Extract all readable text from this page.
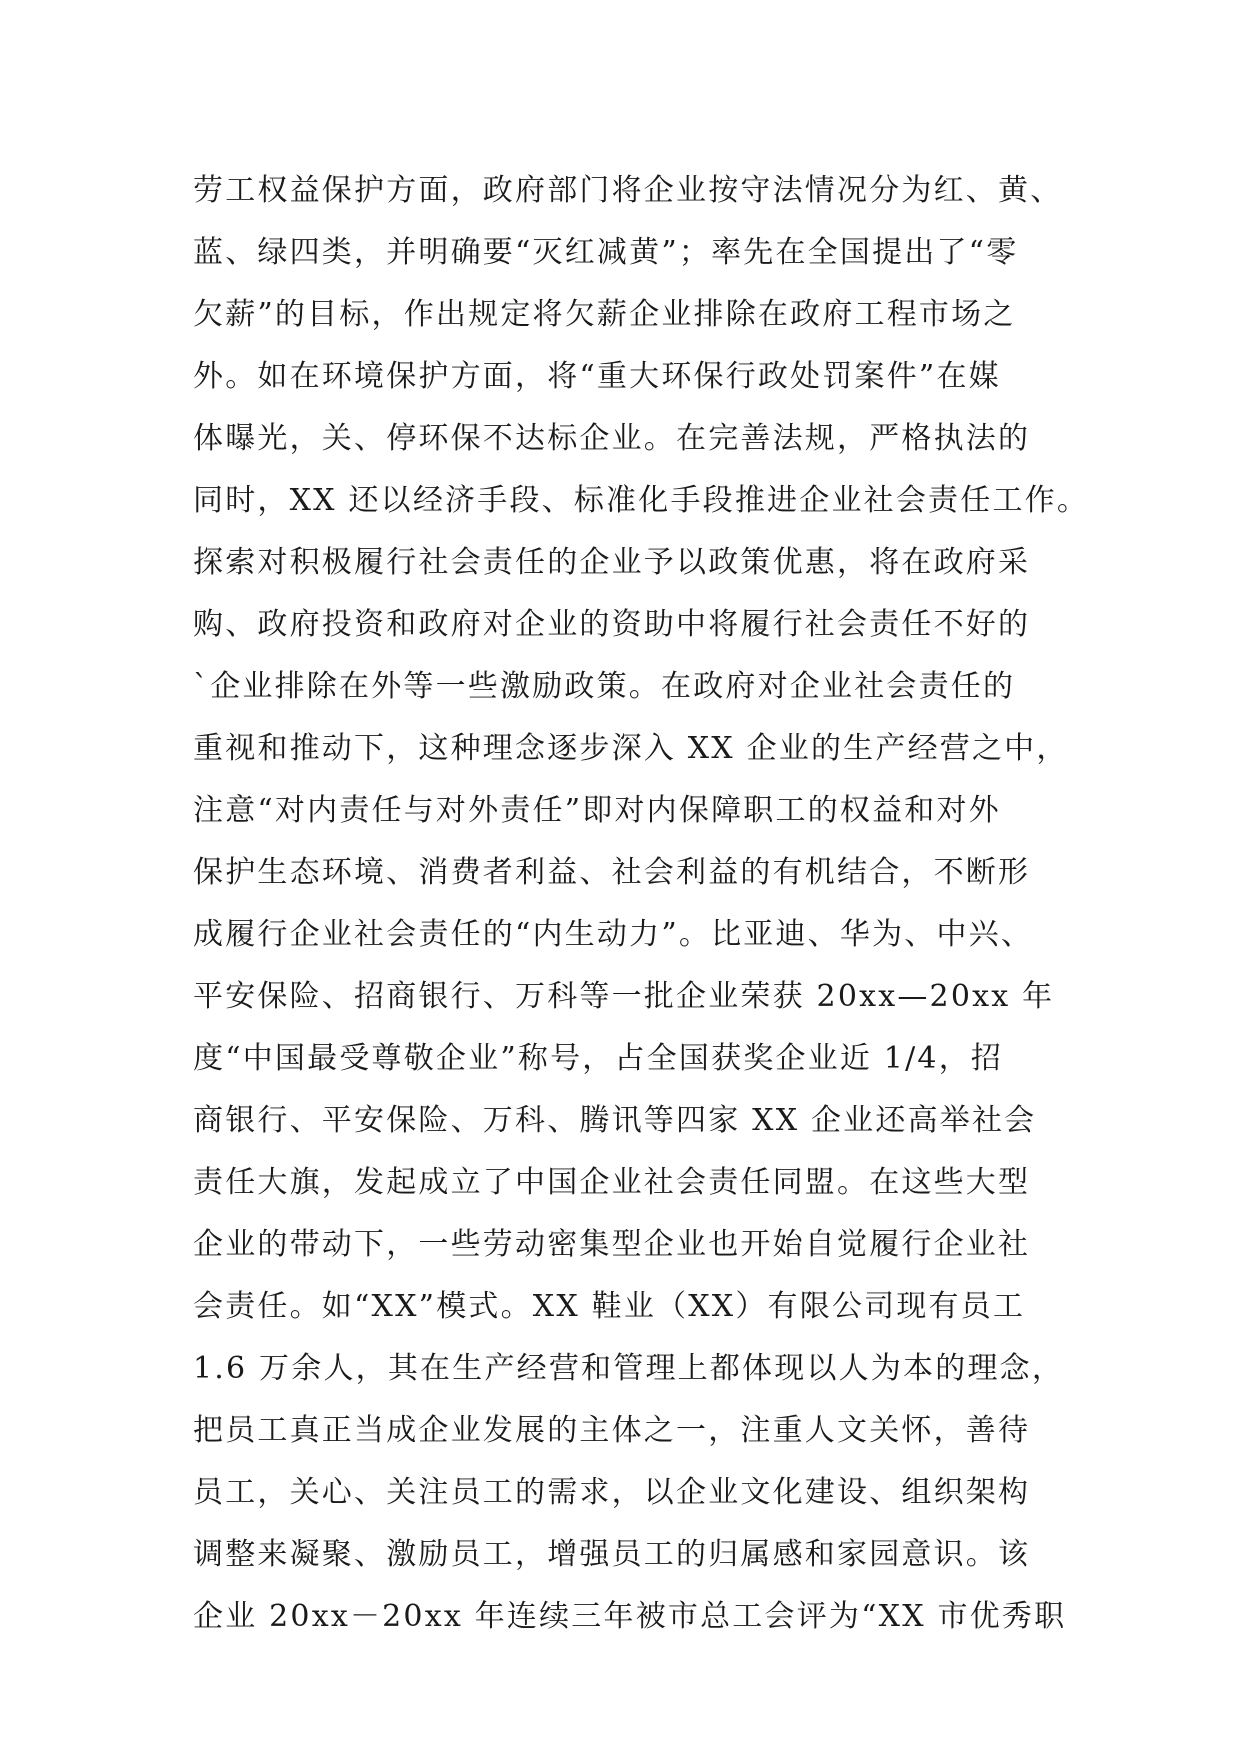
劳工权益保护方面，政府部门将企业按守法情况分为红、黄、
蓝、绿四类，并明确要“灭红减黄”；率先在全国提出了“零
欠薪”的目标，作出规定将欠薪企业排除在政府工程市场之
外。如在环境保护方面，将“重大环保行政处罚案件”在媒
体曝光，关、停环保不达标企业。在完善法规，严格执法的
同时，XX 还以经济手段、标准化手段推进企业社会责任工作。
探索对积极履行社会责任的企业予以政策优惠，将在政府采
购、政府投资和政府对企业的资助中将履行社会责任不好的
`企业排除在外等一些激励政策。在政府对企业社会责任的
重视和推动下，这种理念逐步深入 XX 企业的生产经营之中，
注意“对内责任与对外责任”即对内保障职工的权益和对外
保护生态环境、消费者利益、社会利益的有机结合，不断形
成履行企业社会责任的“内生动力”。比亚迪、华为、中兴、
平安保险、招商银行、万科等一批企业荣获 20xx—20xx 年
度“中国最受尊敬企业”称号，占全国获奖企业近 1/4，招
商银行、平安保险、万科、腾讯等四家 XX 企业还高举社会
责任大旗，发起成立了中国企业社会责任同盟。在这些大型
企业的带动下，一些劳动密集型企业也开始自觉履行企业社
会责任。如“XX”模式。XX 鞋业（XX）有限公司现有员工
1.6 万余人，其在生产经营和管理上都体现以人为本的理念，
把员工真正当成企业发展的主体之一，注重人文关怀，善待
员工，关心、关注员工的需求，以企业文化建设、组织架构
调整来凝聚、激励员工，增强员工的归属感和家园意识。该
企业 20xx－20xx 年连续三年被市总工会评为“XX 市优秀职
